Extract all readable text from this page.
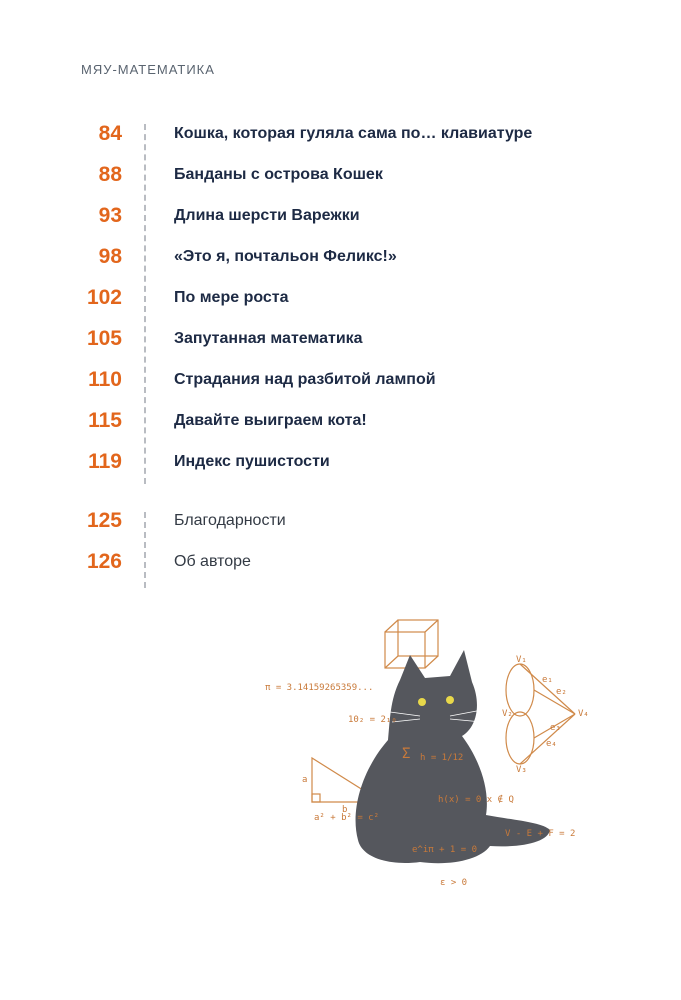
МЯУ-МАТЕМАТИКА
84	Кошка, которая гуляла сама по… клавиатуре
88	Банданы с острова Кошек
93	Длина шерсти Варежки
98	«Это я, почтальон Феликс!»
102	По мере роста
105	Запутанная математика
110	Страдания над разбитой лампой
115	Давайте выиграем кота!
119	Индекс пушистости
125	Благодарности
126	Об авторе
π = 3.14159265359...
10₂ = 2₁₀
Σ h = 1/12
a² + b² = c²
h(x) = 0 x ∉ Q
V - E + F = 2
e^iπ + 1 = 0
ε > 0
V₁
V₂
V₃
V₄
e₁
e₂
e₃
e₄
a
b
